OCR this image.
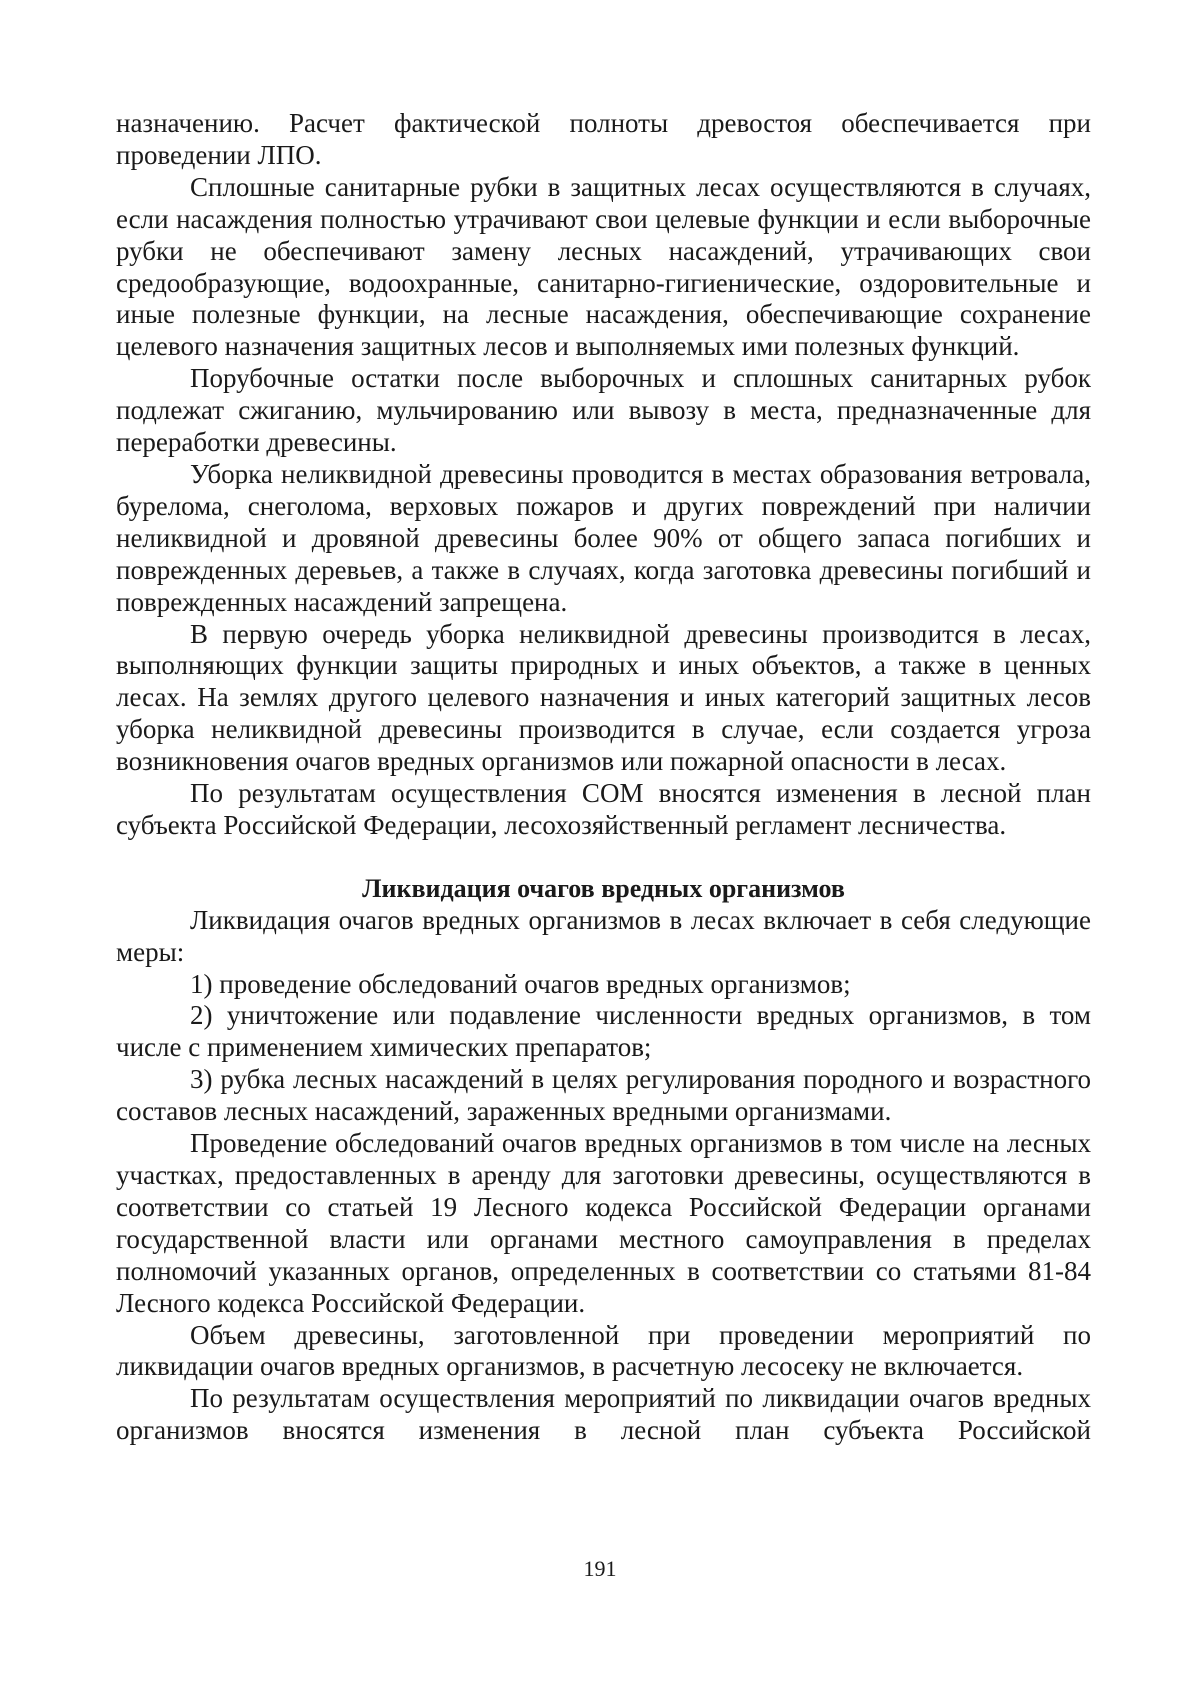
назначению. Расчет фактической полноты древостоя обеспечивается при проведении ЛПО.

Сплошные санитарные рубки в защитных лесах осуществляются в случаях, если насаждения полностью утрачивают свои целевые функции и если выборочные рубки не обеспечивают замену лесных насаждений, утрачивающих свои средообразующие, водоохранные, санитарно-гигиенические, оздоровительные и иные полезные функции, на лесные насаждения, обеспечивающие сохранение целевого назначения защитных лесов и выполняемых ими полезных функций.

Порубочные остатки после выборочных и сплошных санитарных рубок подлежат сжиганию, мульчированию или вывозу в места, предназначенные для переработки древесины.

Уборка неликвидной древесины проводится в местах образования ветровала, бурелома, снеголома, верховых пожаров и других повреждений при наличии неликвидной и дровяной древесины более 90% от общего запаса погибших и поврежденных деревьев, а также в случаях, когда заготовка древесины погибший и поврежденных насаждений запрещена.

В первую очередь уборка неликвидной древесины производится в лесах, выполняющих функции защиты природных и иных объектов, а также в ценных лесах. На землях другого целевого назначения и иных категорий защитных лесов уборка неликвидной древесины производится в случае, если создается угроза возникновения очагов вредных организмов или пожарной опасности в лесах.

По результатам осуществления СОМ вносятся изменения в лесной план субъекта Российской Федерации, лесохозяйственный регламент лесничества.

Ликвидация очагов вредных организмов

Ликвидация очагов вредных организмов в лесах включает в себя следующие меры:

1) проведение обследований очагов вредных организмов;

2) уничтожение или подавление численности вредных организмов, в том числе с применением химических препаратов;

3) рубка лесных насаждений в целях регулирования породного и возрастного составов лесных насаждений, зараженных вредными организмами.

Проведение обследований очагов вредных организмов в том числе на лесных участках, предоставленных в аренду для заготовки древесины, осуществляются в соответствии со статьей 19 Лесного кодекса Российской Федерации органами государственной власти или органами местного самоуправления в пределах полномочий указанных органов, определенных в соответствии со статьями 81-84 Лесного кодекса Российской Федерации.

Объем древесины, заготовленной при проведении мероприятий по ликвидации очагов вредных организмов, в расчетную лесосеку не включается.

По результатам осуществления мероприятий по ликвидации очагов вредных организмов вносятся изменения в лесной план субъекта Российской

191
